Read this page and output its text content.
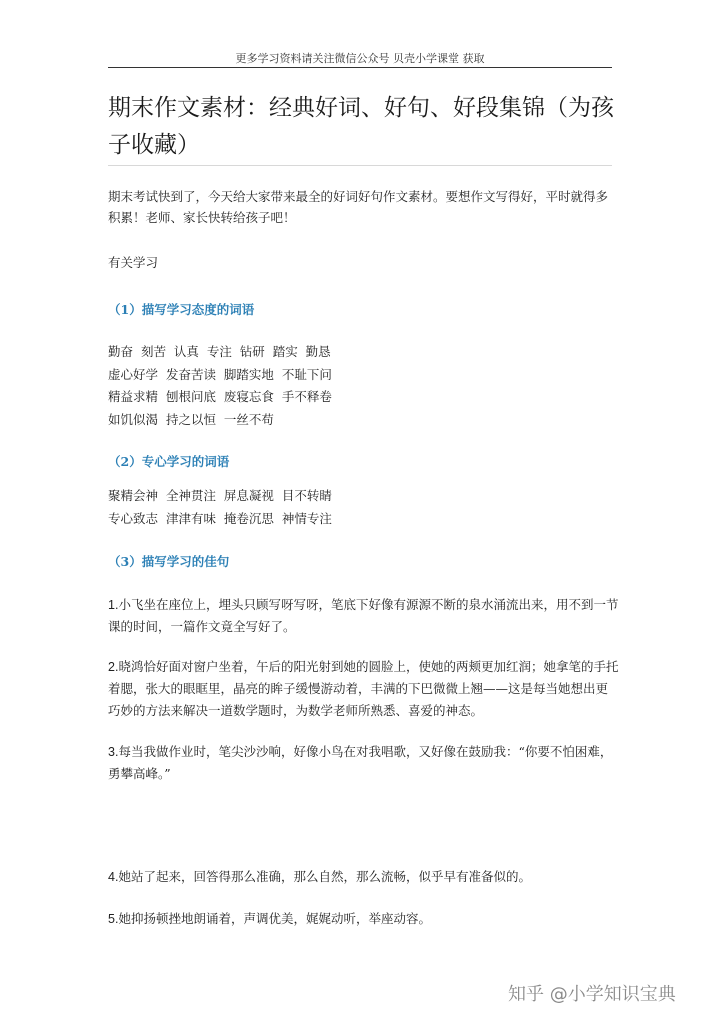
更多学习资料请关注微信公众号 贝壳小学课堂 获取
期末作文素材：经典好词、好句、好段集锦（为孩子收藏）

期末考试快到了，今天给大家带来最全的好词好句作文素材。要想作文写得好，平时就得多积累！老师、家长快转给孩子吧！

有关学习

（1）描写学习态度的词语

勤奋  刻苦  认真  专注  钻研  踏实  勤恳
虚心好学  发奋苦读  脚踏实地  不耻下问
精益求精  刨根问底  废寝忘食  手不释卷
如饥似渴  持之以恒  一丝不苟

（2）专心学习的词语

聚精会神  全神贯注  屏息凝视  目不转睛
专心致志  津津有味  掩卷沉思  神情专注

（3）描写学习的佳句

1.小飞坐在座位上，埋头只顾写呀写呀，笔底下好像有源源不断的泉水涌流出来，用不到一节课的时间，一篇作文竟全写好了。

2.晓鸿恰好面对窗户坐着，午后的阳光射到她的圆脸上，使她的两颊更加红润；她拿笔的手托着腮，张大的眼眶里，晶亮的眸子缓慢游动着，丰满的下巴微微上翘——这是每当她想出更巧妙的方法来解决一道数学题时，为数学老师所熟悉、喜爱的神态。

3.每当我做作业时，笔尖沙沙响，好像小鸟在对我唱歌，又好像在鼓励我：“你要不怕困难，勇攀高峰。”

4.她站了起来，回答得那么准确，那么自然，那么流畅，似乎早有准备似的。

5.她抑扬顿挫地朗诵着，声调优美，娓娓动听，举座动容。

知乎 @小学知识宝典
